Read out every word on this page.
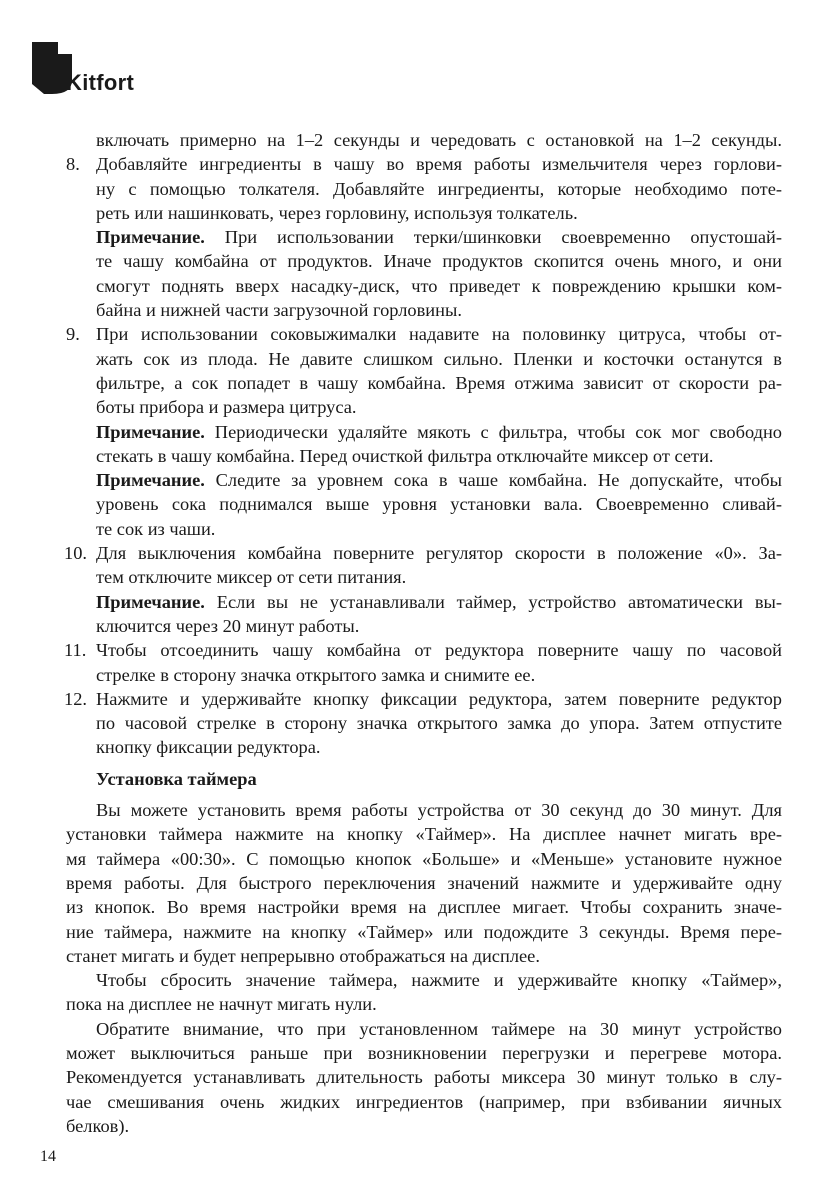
Kitfort
включать примерно на 1–2 секунды и чередовать с остановкой на 1–2 секунды.
8. Добавляйте ингредиенты в чашу во время работы измельчителя через горлови-
ну с помощью толкателя. Добавляйте ингредиенты, которые необходимо поте-
реть или нашинковать, через горловину, используя толкатель.
Примечание. При использовании терки/шинковки своевременно опустошай-
те чашу комбайна от продуктов. Иначе продуктов скопится очень много, и они
смогут поднять вверх насадку-диск, что приведет к повреждению крышки ком-
байна и нижней части загрузочной горловины.
9. При использовании соковыжималки надавите на половинку цитруса, чтобы от-
жать сок из плода. Не давите слишком сильно. Пленки и косточки останутся в
фильтре, а сок попадет в чашу комбайна. Время отжима зависит от скорости ра-
боты прибора и размера цитруса.
Примечание. Периодически удаляйте мякоть с фильтра, чтобы сок мог свободно
стекать в чашу комбайна. Перед очисткой фильтра отключайте миксер от сети.
Примечание. Следите за уровнем сока в чаше комбайна. Не допускайте, чтобы
уровень сока поднимался выше уровня установки вала. Своевременно сливай-
те сок из чаши.
10. Для выключения комбайна поверните регулятор скорости в положение «0». За-
тем отключите миксер от сети питания.
Примечание. Если вы не устанавливали таймер, устройство автоматически вы-
ключится через 20 минут работы.
11. Чтобы отсоединить чашу комбайна от редуктора поверните чашу по часовой
стрелке в сторону значка открытого замка и снимите ее.
12. Нажмите и удерживайте кнопку фиксации редуктора, затем поверните редуктор
по часовой стрелке в сторону значка открытого замка до упора. Затем отпустите
кнопку фиксации редуктора.
Установка таймера
Вы можете установить время работы устройства от 30 секунд до 30 минут. Для
установки таймера нажмите на кнопку «Таймер». На дисплее начнет мигать вре-
мя таймера «00:30». С помощью кнопок «Больше» и «Меньше» установите нужное
время работы. Для быстрого переключения значений нажмите и удерживайте одну
из кнопок. Во время настройки время на дисплее мигает. Чтобы сохранить значе-
ние таймера, нажмите на кнопку «Таймер» или подождите 3 секунды. Время пере-
станет мигать и будет непрерывно отображаться на дисплее.
Чтобы сбросить значение таймера, нажмите и удерживайте кнопку «Таймер»,
пока на дисплее не начнут мигать нули.
Обратите внимание, что при установленном таймере на 30 минут устройство
может выключиться раньше при возникновении перегрузки и перегреве мотора.
Рекомендуется устанавливать длительность работы миксера 30 минут только в слу-
чае смешивания очень жидких ингредиентов (например, при взбивании яичных
белков).
14
